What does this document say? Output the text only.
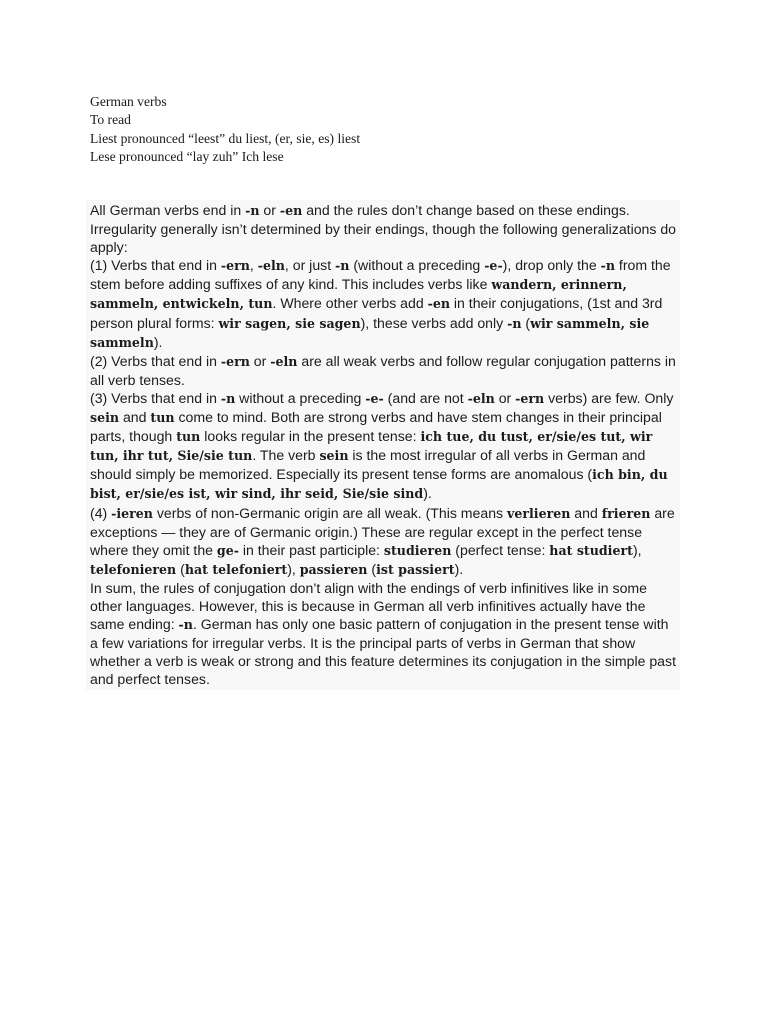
German verbs
To read
Liest pronounced “leest” du liest, (er, sie, es) liest
Lese pronounced “lay zuh” Ich lese

All German verbs end in -n or -en and the rules don’t change based on these endings. Irregularity generally isn’t determined by their endings, though the following generalizations do apply:

(1) Verbs that end in -ern, -eln, or just -n (without a preceding -e-), drop only the -n from the stem before adding suffixes of any kind. This includes verbs like wandern, erinnern, sammeln, entwickeln, tun. Where other verbs add -en in their conjugations, (1st and 3rd person plural forms: wir sagen, sie sagen), these verbs add only -n (wir sammeln, sie sammeln).

(2) Verbs that end in -ern or -eln are all weak verbs and follow regular conjugation patterns in all verb tenses.

(3) Verbs that end in -n without a preceding -e- (and are not -eln or -ern verbs) are few. Only sein and tun come to mind. Both are strong verbs and have stem changes in their principal parts, though tun looks regular in the present tense: ich tue, du tust, er/sie/es tut, wir tun, ihr tut, Sie/sie tun. The verb sein is the most irregular of all verbs in German and should simply be memorized. Especially its present tense forms are anomalous (ich bin, du bist, er/sie/es ist, wir sind, ihr seid, Sie/sie sind).

(4) -ieren verbs of non-Germanic origin are all weak. (This means verlieren and frieren are exceptions — they are of Germanic origin.) These are regular except in the perfect tense where they omit the ge- in their past participle: studieren (perfect tense: hat studiert), telefonieren (hat telefoniert), passieren (ist passiert).

In sum, the rules of conjugation don’t align with the endings of verb infinitives like in some other languages. However, this is because in German all verb infinitives actually have the same ending: -n. German has only one basic pattern of conjugation in the present tense with a few variations for irregular verbs. It is the principal parts of verbs in German that show whether a verb is weak or strong and this feature determines its conjugation in the simple past and perfect tenses.
